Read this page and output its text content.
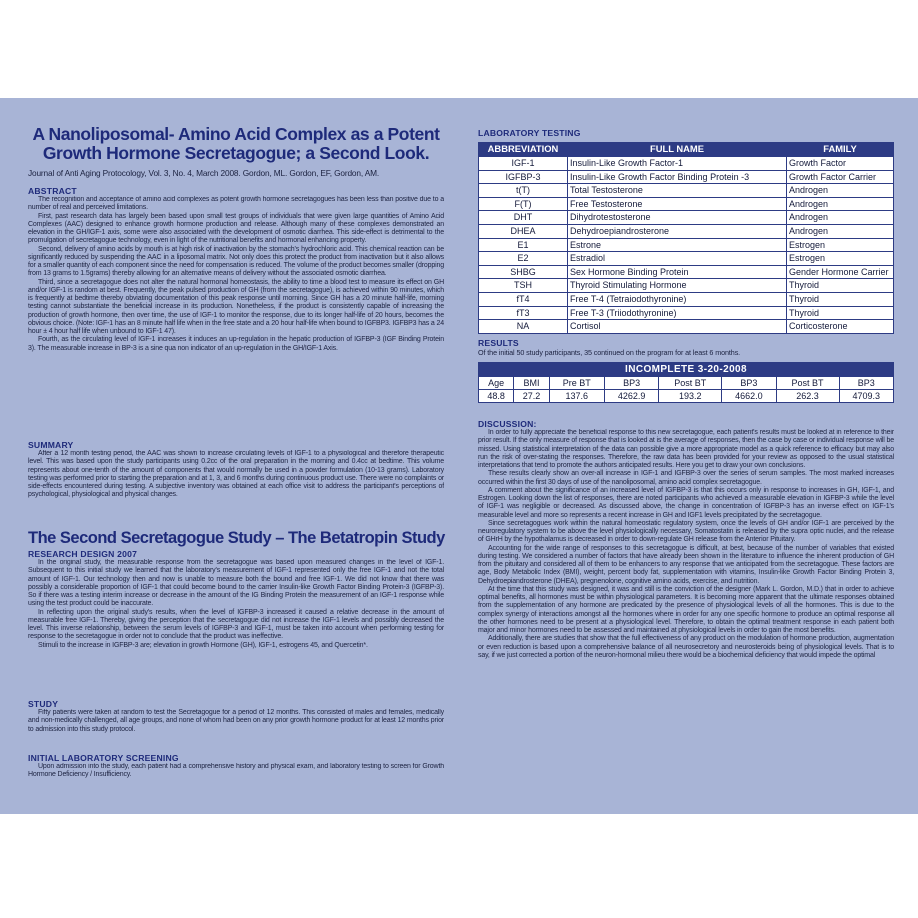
A Nanoliposomal- Amino Acid Complex as a Potent
Growth Hormone Secretagogue; a Second Look.
Journal of Anti Aging Protocology, Vol. 3, No. 4, March 2008. Gordon, ML. Gordon, EF, Gordon, AM.
ABSTRACT

The recognition and acceptance of amino acid complexes as potent growth hormone secretagogues has been less than positive due to a number of real and perceived limitations.

First, past research data has largely been based upon small test groups of individuals that were given large quantities of Amino Acid Complexes (AAC) designed to enhance growth hormone production and release. Although many of these complexes demonstrated an elevation in the GH/IGF-1 axis, some were also associated with the development of osmotic diarrhea. This side-effect is detrimental to the promulgation of secretagogue technology, even in light of the nutritional benefits and hormonal enhancing property.

Second, delivery of amino acids by mouth is at high risk of inactivation by the stomach's hydrochloric acid. This chemical reaction can be significantly reduced by suspending the AAC in a liposomal matrix. Not only does this protect the product from inactivation but it also allows for a smaller quantity of each component since the need for compensation is reduced. The volume of the product becomes smaller (dropping from 13 grams to 1.5grams) thereby allowing for an alternative means of delivery without the associated osmotic diarrhea.

Third, since a secretagogue does not alter the natural hormonal homeostasis, the ability to time a blood test to measure its effect on GH and/or IGF-1 is random at best. Frequently, the peak pulsed production of GH (from the secretagogue), is achieved within 90 minutes, which is frequently at bedtime thereby obviating documentation of this peak response until morning. Since GH has a 20 minute half-life, morning testing cannot substantiate the beneficial increase in its production. Nonetheless, if the product is consistently capable of increasing the production of growth hormone, then over time, the use of IGF-1 to monitor the response, due to its longer half-life of 20 hours, becomes the obvious choice. (Note: IGF-1 has an 8 minute half life when in the free state and a 20 hour half-life when bound to IGFBP3. IGFBP3 has a 24 hour ± 4 hour half life when unbound to IGF-1 47).

Fourth, as the circulating level of IGF-1 increases it induces an up-regulation in the hepatic production of IGFBP-3 (IGF Binding Protein 3). The measurable increase in BP-3 is a sine qua non indicator of an up-regulation in the GH/IGF-1 Axis.

SUMMARY

After a 12 month testing period, the AAC was shown to increase circulating levels of IGF-1 to a physiological and therefore therapeutic level. This was based upon the study participants using 0.2cc of the oral preparation in the morning and 0.4cc at bedtime. This volume represents about one-tenth of the amount of components that would normally be used in a powder formulation (10-13 grams). Laboratory testing was performed prior to starting the preparation and at 1, 3, and 6 months during continuous product use. There were no complaints or side-effects encountered during testing. A subjective inventory was obtained at each office visit to address the participant's perceptions of psychological, physiological and physical changes.

The Second Secretagogue Study – The Betatropin Study
RESEARCH DESIGN 2007

In the original study, the measurable response from the secretagogue was based upon measured changes in the level of IGF-1. Subsequent to this initial study we learned that the laboratory's measurement of IGF-1 represented only the free IGF-1 and not the total amount of IGF-1. Our technology then and now is unable to measure both the bound and free IGF-1. We did not know that there was possibly a considerable proportion of IGF-1 that could become bound to the carrier Insulin-like Growth Factor Binding Protein-3 (IGFBP-3). So if there was a testing interim increase or decrease in the amount of the IG Binding Protein the measurement of an IGF-1 response while using the test product could be inaccurate.

In reflecting upon the original study's results, when the level of IGFBP-3 increased it caused a relative decrease in the amount of measurable free IGF-1. Thereby, giving the perception that the secretagogue did not increase the IGF-1 levels and possibly decreased the level. This inverse relationship, between the serum levels of IGFBP-3 and IGF-1, must be taken into account when performing testing for response to the secretagogue in order not to conclude that the product was ineffective.

Stimuli to the increase in IGFBP-3 are; elevation in growth Hormone (GH), IGF-1, estrogens 45, and Quercetin*.

STUDY

Fifty patients were taken at random to test the Secretagogue for a period of 12 months. This consisted of males and females, medically and non-medically challenged, all age groups, and none of whom had been on any prior growth hormone product for at least 12 months prior to admission into this study protocol.

INITIAL LABORATORY SCREENING

Upon admission into the study, each patient had a comprehensive history and physical exam, and laboratory testing to screen for Growth Hormone Deficiency / Insufficiency.

LABORATORY TESTING
ABBREVIATION	FULL NAME	FAMILY
IGF-1	Insulin-Like Growth Factor-1	Growth Factor
IGFBP-3	Insulin-Like Growth Factor Binding Protein -3	Growth Factor Carrier
t(T)	Total Testosterone	Androgen
F(T)	Free Testosterone	Androgen
DHT	Dihydrotestosterone	Androgen
DHEA	Dehydroepiandrosterone	Androgen
E1	Estrone	Estrogen
E2	Estradiol	Estrogen
SHBG	Sex Hormone Binding Protein	Gender Hormone Carrier
TSH	Thyroid Stimulating Hormone	Thyroid
fT4	Free T-4 (Tetraiodothyronine)	Thyroid
fT3	Free T-3 (Triiodothyronine)	Thyroid
NA	Cortisol	Corticosterone
RESULTS
Of the initial 50 study participants, 35 continued on the program for at least 6 months.
INCOMPLETE 3-20-2008							
Age	BMI	Pre BT	BP3	Post BT	BP3	Post BT	BP3
48.8	27.2	137.6	4262.9	193.2	4662.0	262.3	4709.3
DISCUSSION:

In order to fully appreciate the beneficial response to this new secretagogue, each patient's results must be looked at in reference to their prior result. If the only measure of response that is looked at is the average of responses, then the case by case or individual response will be missed. Using statistical interpretation of the data can possible give a more appropriate model as a quick reference to efficacy but may also run the risk of over-stating the responses. Therefore, the raw data has been provided for your review as opposed to the usual statistical interpretations that tend to promote the authors anticipated results. Here you get to draw your own conclusions.

These results clearly show an over-all increase in IGF-1 and IGFBP-3 over the series of serum samples. The most marked increases occurred within the first 30 days of use of the nanoliposomal, amino acid complex secretagogue.

A comment about the significance of an increased level of IGFBP-3 is that this occurs only in response to increases in GH, IGF-1, and Estrogen. Looking down the list of responses, there are noted participants who achieved a measurable elevation in IGFBP-3 while the level of IGF-1 was negligible or decreased. As discussed above, the change in concentration of IGFBP-3 has an inverse effect on IGF-1's measurable level and more so represents a recent increase in GH and IGF1 levels precipitated by the secretagogue.

Since secretagogues work within the natural homeostatic regulatory system, once the levels of GH and/or IGF-1 are perceived by the neuroregulatory system to be above the level physiologically necessary, Somatostatin is released by the supra optic nuclei, and the release of GHrH by the hypothalamus is decreased in order to down-regulate GH release from the Anterior Pituitary.

Accounting for the wide range of responses to this secretagogue is difficult, at best, because of the number of variables that existed during testing. We considered a number of factors that have already been shown in the literature to influence the inherent production of GH from the pituitary and considered all of them to be enhancers to any response that we anticipated from the secretagogue. These factors are age, Body Metabolic Index (BMI), weight, percent body fat, supplementation with vitamins, Insulin-like Growth Factor Binding Protein 3, Dehydroepiandrosterone (DHEA), pregnenolone, cognitive amino acids, exercise, and nutrition.

At the time that this study was designed, it was and still is the conviction of the designer (Mark L. Gordon, M.D.) that in order to achieve optimal benefits, all hormones must be within physiological parameters. It is becoming more apparent that the ultimate responses obtained from the supplementation of any hormone are predicated by the presence of physiological levels of all the hormones. This is due to the complex synergy of interactions amongst all the hormones where in order for any one specific hormone to produce an optimal response all the other hormones need to be present at a physiological level. Therefore, to obtain the optimal treatment response in each patient both major and minor hormones need to be assessed and maintained at physiological levels in order to gain the most benefits.

Additionally, there are studies that show that the full effectiveness of any product on the modulation of hormone production, augmentation or even reduction is based upon a comprehensive balance of all neurosecretory and neurosteroids being of physiological levels. That is to say, if we just corrected a portion of the neuron-hormonal milieu there would be a biochemical deficiency that would impede the optimal
